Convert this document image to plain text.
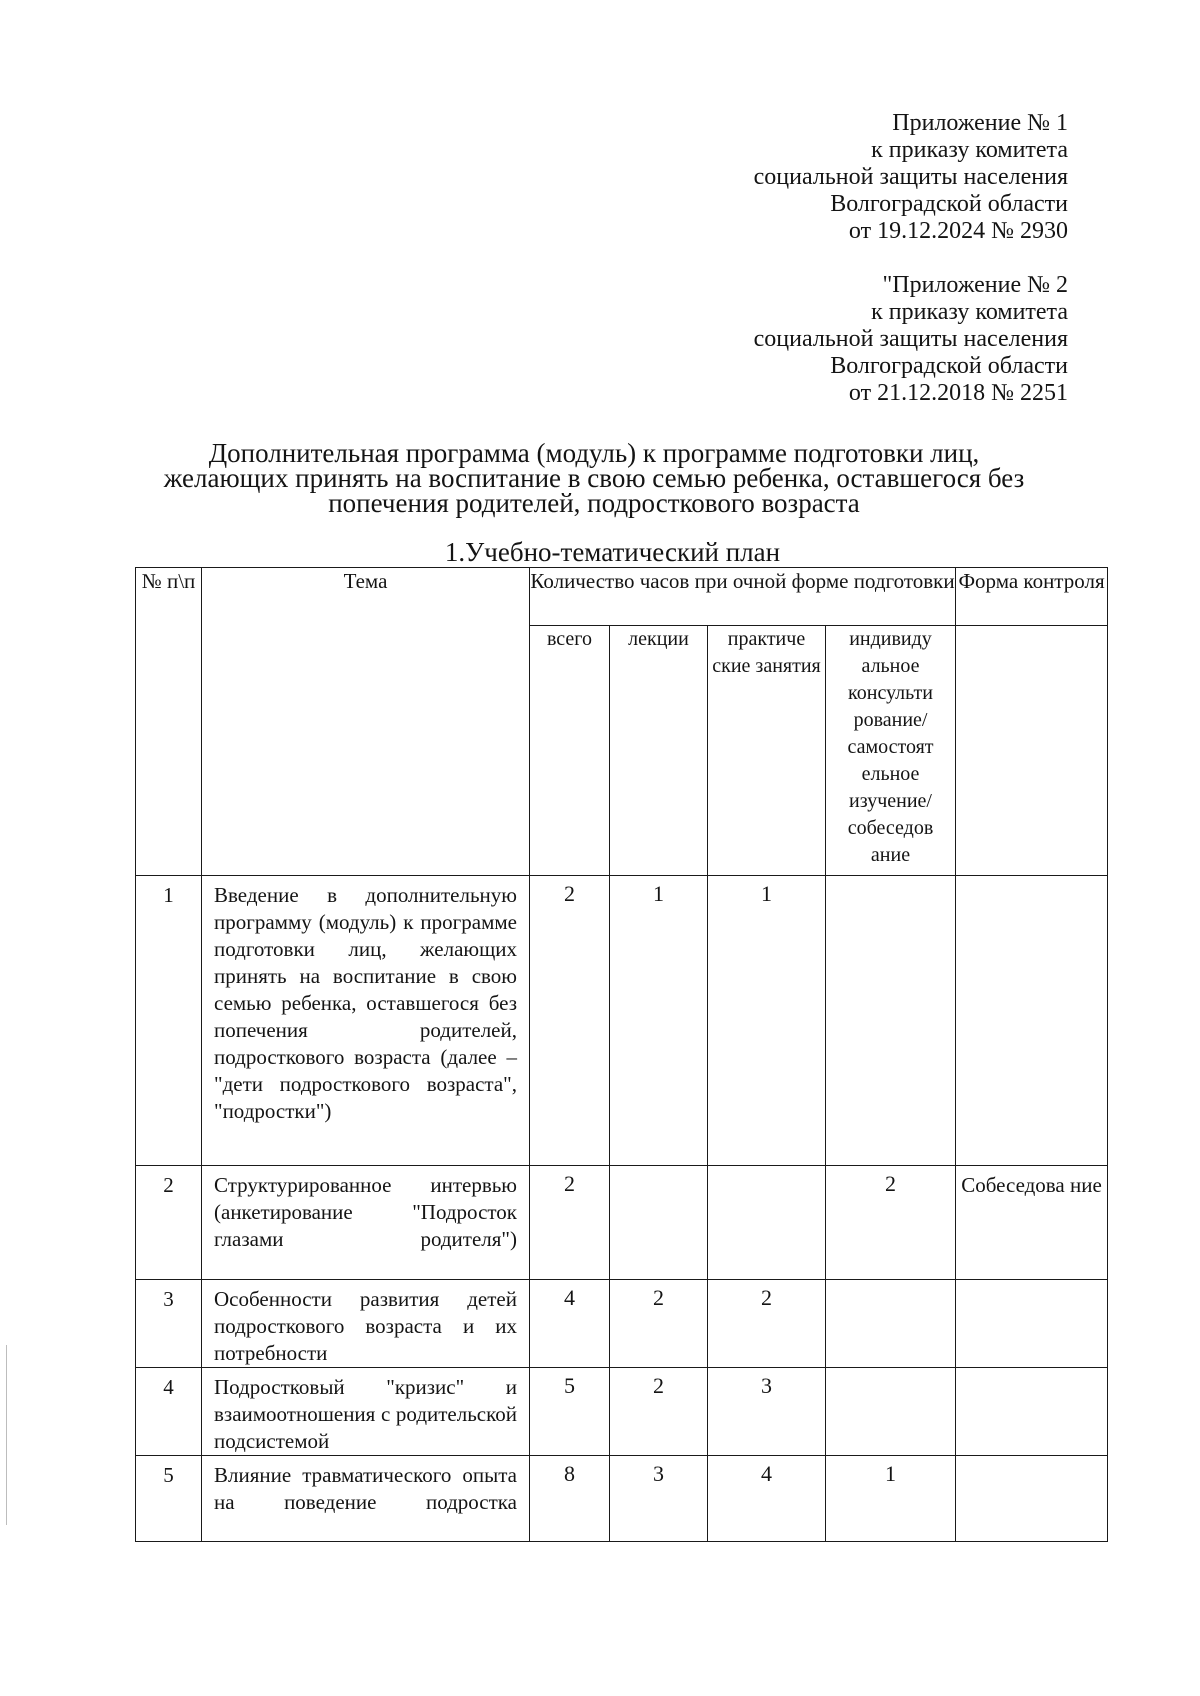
Приложение № 1
к приказу комитета
социальной защиты населения
Волгоградской области
от 19.12.2024 № 2930
"Приложение № 2
к приказу комитета
социальной защиты населения
Волгоградской области
от 21.12.2018 № 2251
Дополнительная программа (модуль) к программе подготовки лиц,
желающих принять на воспитание в свою семью ребенка, оставшегося без
попечения родителей, подросткового возраста
1.Учебно-тематический план
№ п\п	Тема	Количество часов при очной форме подготовки				Форма контроля
		всего	лекции	практиче ские занятия	индивиду альное консульти рование/ самостоят ельное изучение/ собеседов ание	
1	Введение в дополнительную программу (модуль) к программе подготовки лиц, желающих принять на воспитание в свою семью ребенка, оставшегося без попечения родителей, подросткового возраста (далее – "дети подросткового возраста", "подростки")	2	1	1		
2	Структурированное интервью (анкетирование "Подросток глазами родителя")	2			2	Собеседова ние
3	Особенности развития детей подросткового возраста и их потребности	4	2	2		
4	Подростковый "кризис" и взаимоотношения с родительской подсистемой	5	2	3		
5	Влияние травматического опыта на поведение подростка	8	3	4	1	
